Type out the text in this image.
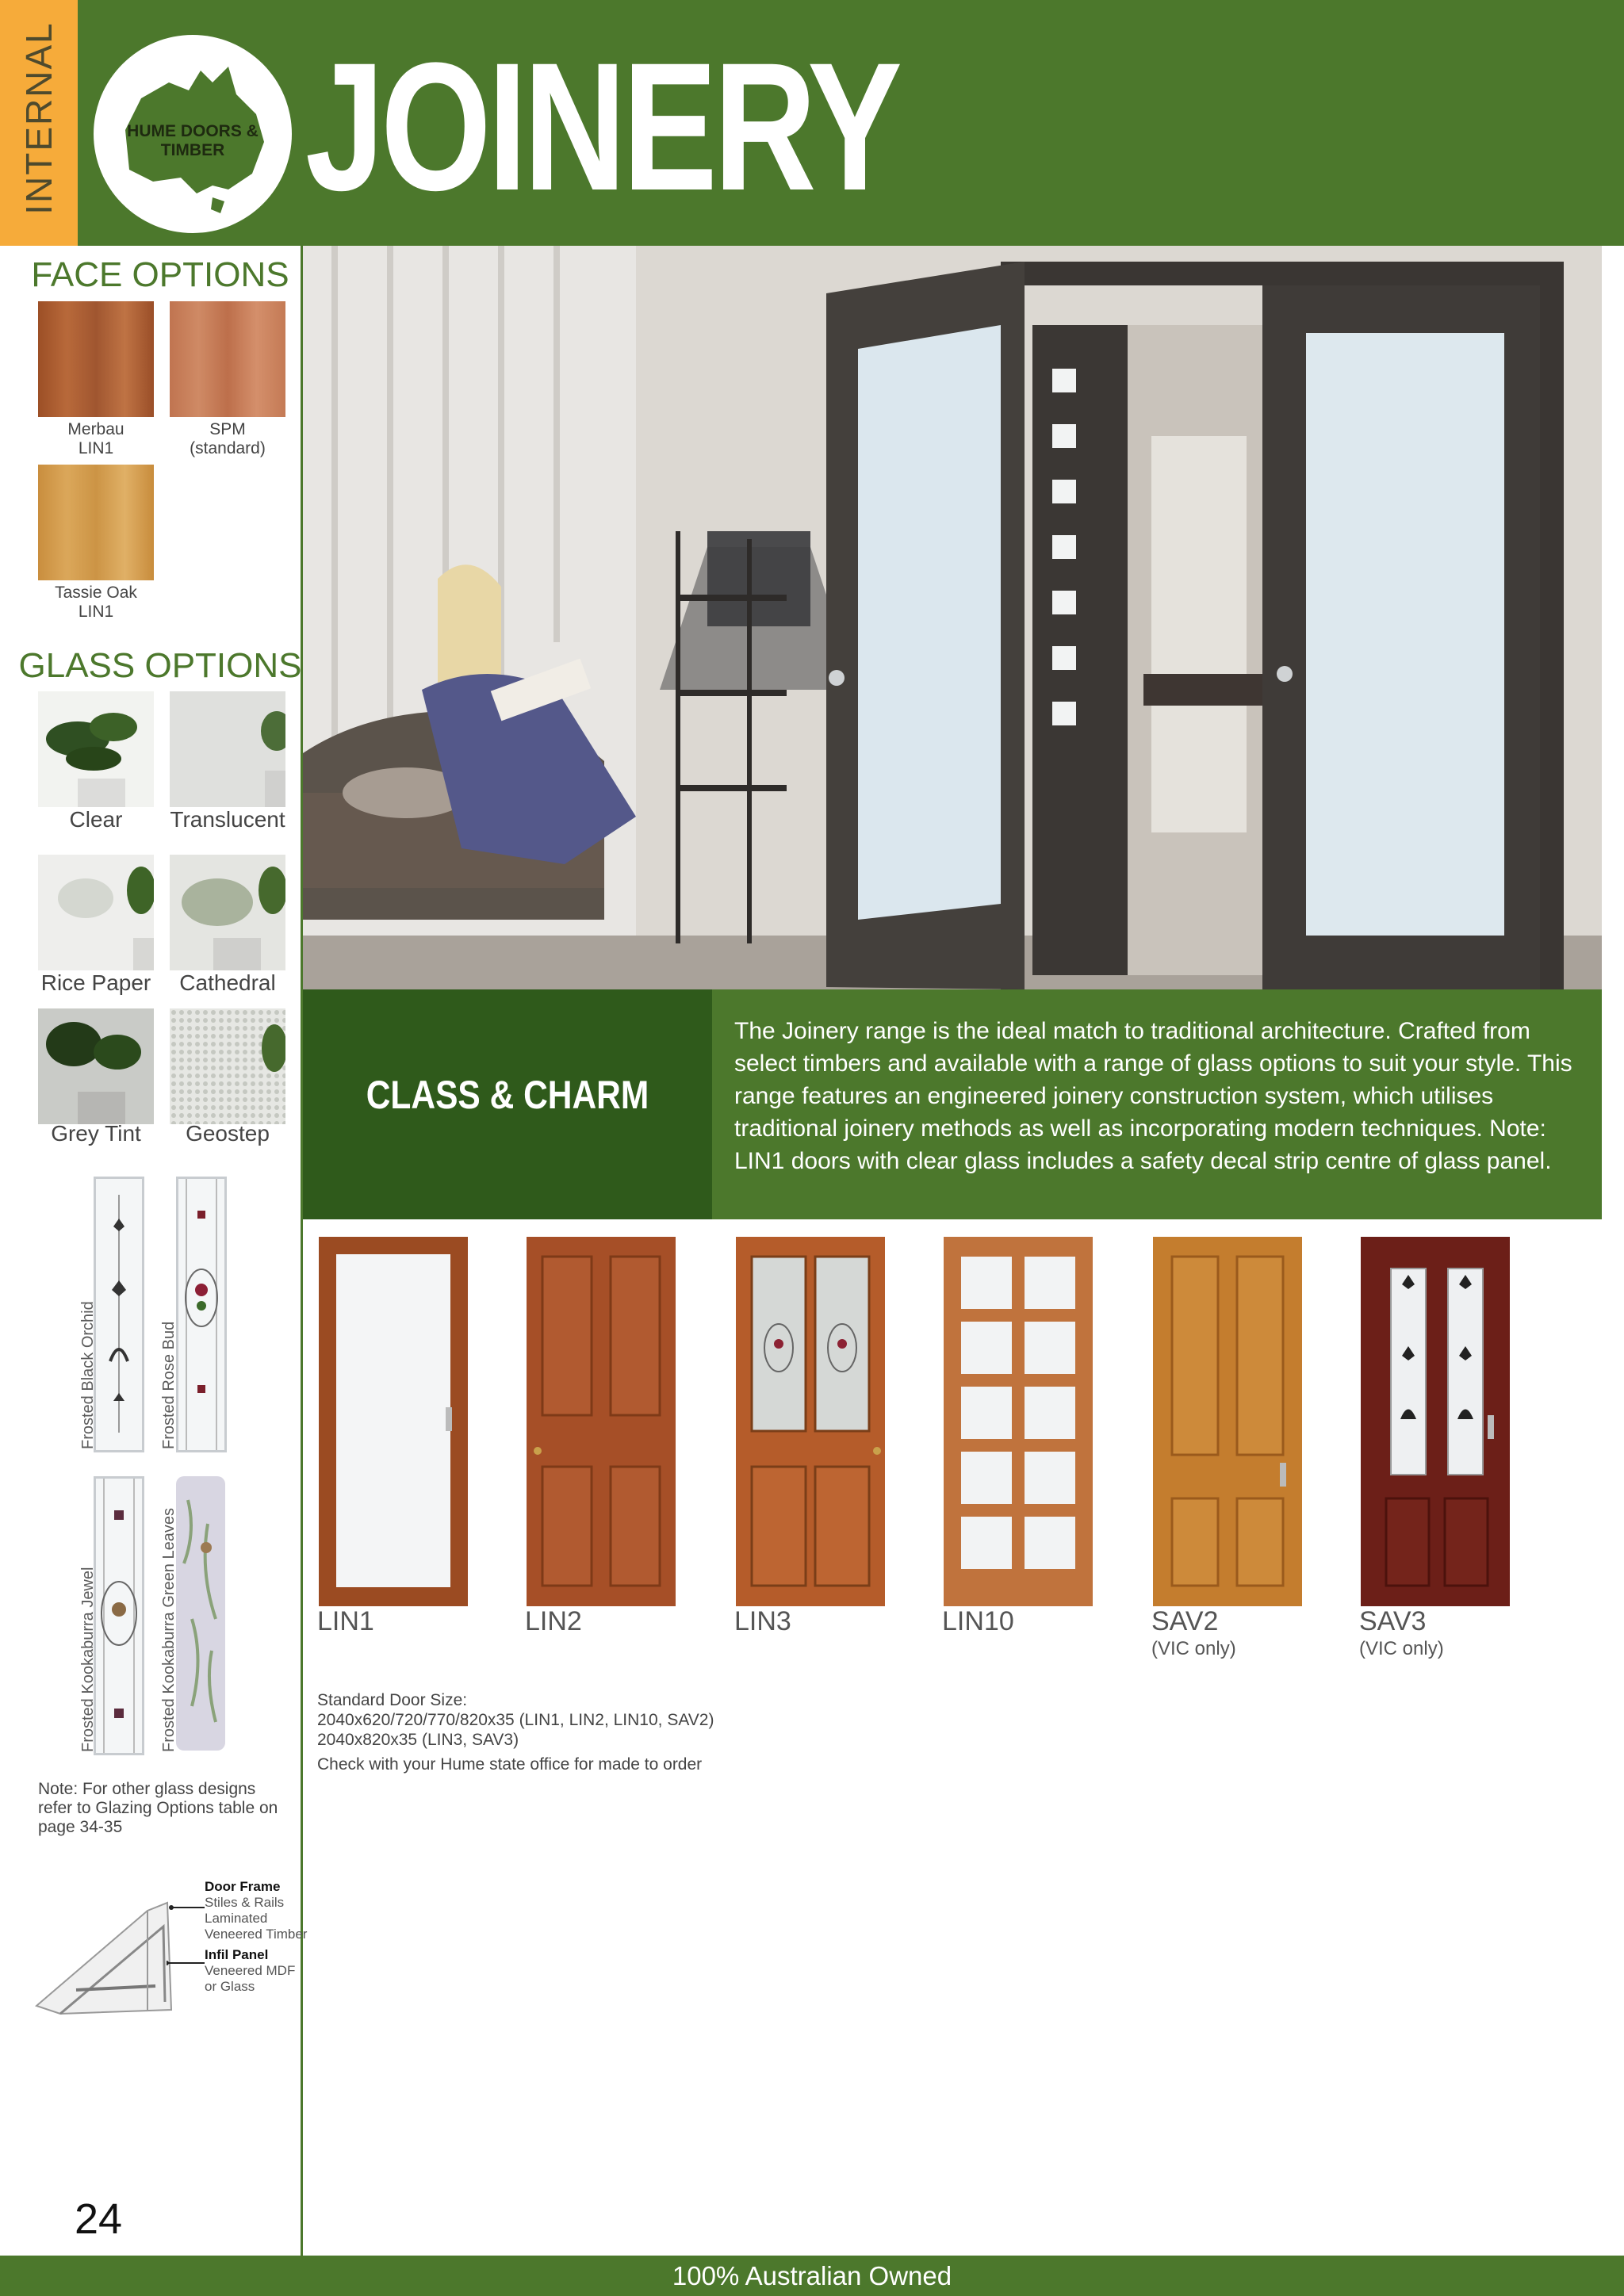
INTERNAL	HUME DOORS & TIMBER JOINERY
FACE OPTIONS
Merbau
LIN1
SPM
(standard)
Tassie Oak
LIN1
GLASS OPTIONS
Clear	Translucent
Rice Paper	Cathedral
Grey Tint	Geostep
Frosted Black Orchid	Frosted Rose Bud
Frosted Kookaburra Jewel	Frosted Kookaburra Green Leaves
Note: For other glass designs refer to Glazing Options table on page 34-35
Door Frame
Stiles & Rails
Laminated
Veneered Timber
Infil Panel
Veneered MDF
or Glass
24
CLASS & CHARM
The Joinery range is the ideal match to traditional architecture. Crafted from select timbers and available with a range of glass options to suit your style. This range features an engineered joinery construction system, which utilises traditional joinery methods as well as incorporating modern techniques. Note: LIN1 doors with clear glass includes a safety decal strip centre of glass panel.
LIN1	LIN2	LIN3	LIN10	SAV2
(VIC only)
SAV3
(VIC only)
Standard Door Size:
2040x620/720/770/820x35 (LIN1, LIN2, LIN10, SAV2)
2040x820x35 (LIN3, SAV3)
Check with your Hume state office for made to order
100% Australian Owned
